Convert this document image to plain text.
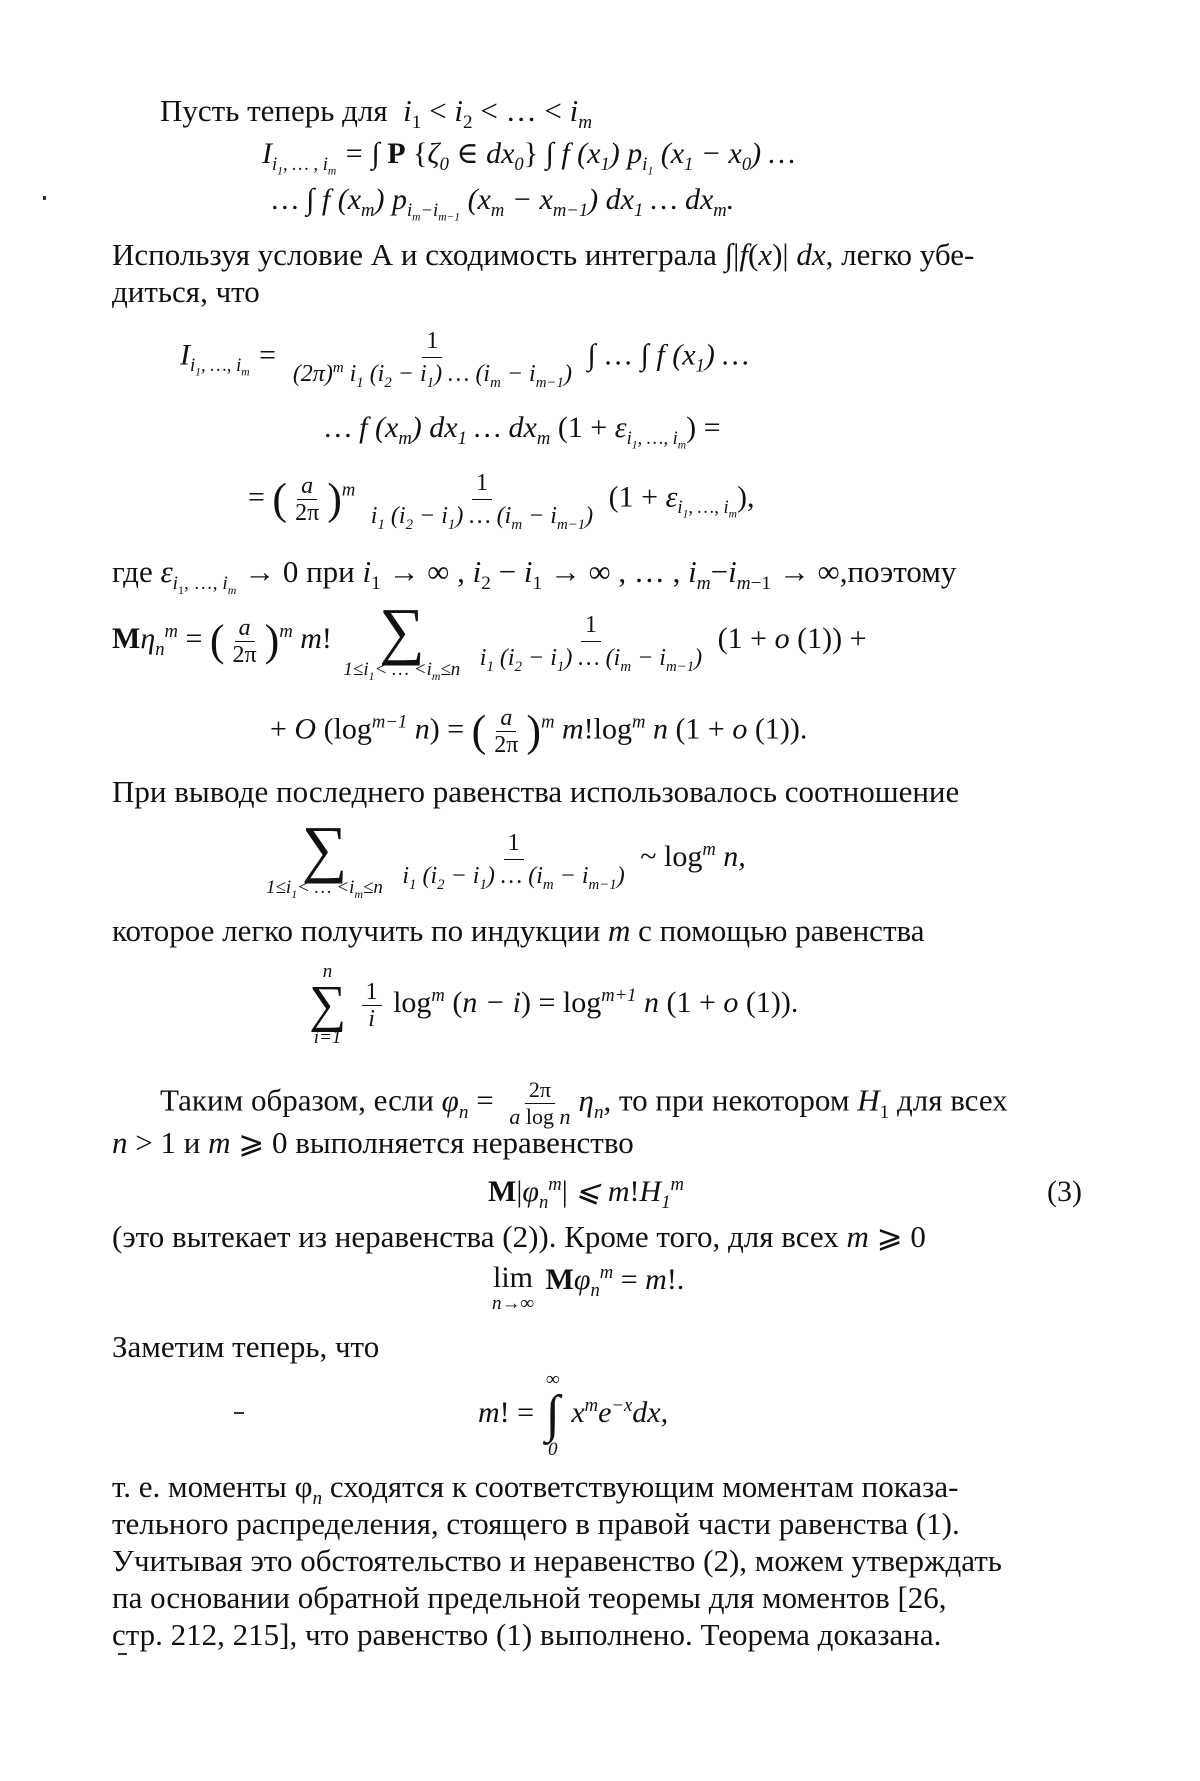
Пусть теперь для  $i_1 < i_2$ < … < $i_m$
$I_{i_1, \dots , i_m}$ = ∫ P {$\zeta_0$ ∈ $dx_0$} ∫ f $(x_1)$ $p_{i_1}$ $(x_1 - x_0)$ …
… ∫ f $(x_m)$ $p_{i_m-i_{m-1}}$ $(x_m - x_{m-1})$ $dx_1$ … $dx_m$.
Используя условие А и сходимость интеграла ∫|f(x)| dx, легко убе-
диться, что
$I_{i_1, \dots, i_m} = \frac{1}{(2\pi)^m i_1 (i_2 - i_1) \dots (i_m - i_{m-1})}$ ∫ … ∫ f $(x_1)$ …
… f $(x_m)$ $dx_1$ … $dx_m$ $(1 + \varepsilon_{i_1, \dots, i_m})$ =
= ( $\frac{a}{2\pi} )^m \frac{1}{i_1 (i_2 - i_1) \dots (i_m - i_{m-1})} (1 + \varepsilon_{i_1, \dots, i_m})$,
где $\varepsilon_{i_1, \dots, i_m} \to 0$ при $i_1$ → ∞ , $i_2 - i_1$ → ∞ , … , $i_m-i_{m-1}$ → ∞,поэтому
$M\eta_n^m$ = ( $\frac{a}{2\pi} )^m$ m! ∑
$1\le i_1<$ … $<i_m\le n$
$\frac{1}{i_1 (i_2 - i_1) \dots (i_m - i_{m-1})} (1 + o$ (1)) +
+ O ($\log^{m-1}$ n) = ( $\frac{a}{2\pi} )^m$ $m!\log^m$ n (1 + o (1)).
При выводе последнего равенства использовалось соотношение
∑
$1\le i_1<$ … $<i_m\le n$
$\frac{1}{i_1 (i_2 - i_1) \dots (i_m - i_{m-1})}$ ~ $\log^m n$,
которое легко получить по индукции m с помощью равенства
n
∑
i=1

$\frac{1}{i} \log^m (n - i) = \log^{m+1} n$ (1 + o (1)).
Таким образом, если $\varphi_n = \frac{2\pi}{\text{a log n}} \eta_n$, то при некотором $H_1$ для всех
n > 1 и m ⩾ 0 выполняется неравенство
$M|\varphi_n^m|$ ⩽ $m!H_1^m$	(3)
(это вытекает из неравенства (2)). Кроме того, для всех m ⩾ 0
lim
n→∞
$M\varphi_n^m = m$!.
Заметим теперь, что
m! =
∞
∫
0
$x^me^{-x}dx$,
т. е. моменты $\varphi_n$ сходятся к соответствующим моментам показа-
тельного распределения, стоящего в правой части равенства (1).
Учитывая это обстоятельство и неравенство (2), можем утверждать
па основании обратной предельной теоремы для моментов [26,
стр. 212, 215], что равенство (1) выполнено. Теорема доказана.
